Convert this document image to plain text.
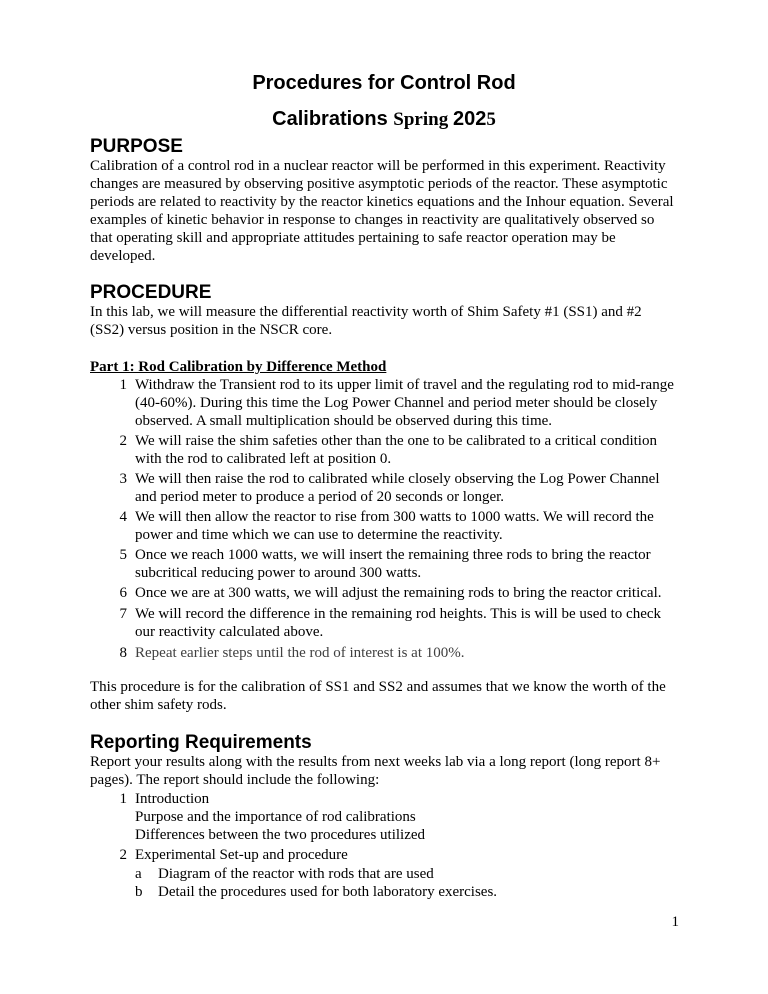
Procedures for Control Rod
Calibrations Spring 2025
PURPOSE
Calibration of a control rod in a nuclear reactor will be performed in this experiment. Reactivity
changes are measured by observing positive asymptotic periods of the reactor. These asymptotic
periods are related to reactivity by the reactor kinetics equations and the Inhour equation. Several
examples of kinetic behavior in response to changes in reactivity are qualitatively observed so
that operating skill and appropriate attitudes pertaining to safe reactor operation may be
developed.
PROCEDURE
In this lab, we will measure the differential reactivity worth of Shim Safety #1 (SS1) and #2
(SS2) versus position in the NSCR core.
Part 1: Rod Calibration by Difference Method
1 Withdraw the Transient rod to its upper limit of travel and the regulating rod to mid-range
(40-60%). During this time the Log Power Channel and period meter should be closely
observed. A small multiplication should be observed during this time.
2 We will raise the shim safeties other than the one to be calibrated to a critical condition
with the rod to calibrated left at position 0.
3 We will then raise the rod to calibrated while closely observing the Log Power Channel
and period meter to produce a period of 20 seconds or longer.
4 We will then allow the reactor to rise from 300 watts to 1000 watts. We will record the
power and time which we can use to determine the reactivity.
5 Once we reach 1000 watts, we will insert the remaining three rods to bring the reactor
subcritical reducing power to around 300 watts.
6 Once we are at 300 watts, we will adjust the remaining rods to bring the reactor critical.
7 We will record the difference in the remaining rod heights. This is will be used to check
our reactivity calculated above.
8 Repeat earlier steps until the rod of interest is at 100%.
This procedure is for the calibration of SS1 and SS2 and assumes that we know the worth of the
other shim safety rods.
Reporting Requirements
Report your results along with the results from next weeks lab via a long report (long report 8+
pages). The report should include the following:
1 Introduction
Purpose and the importance of rod calibrations
Differences between the two procedures utilized
2 Experimental Set-up and procedure
a Diagram of the reactor with rods that are used
b Detail the procedures used for both laboratory exercises.
1
